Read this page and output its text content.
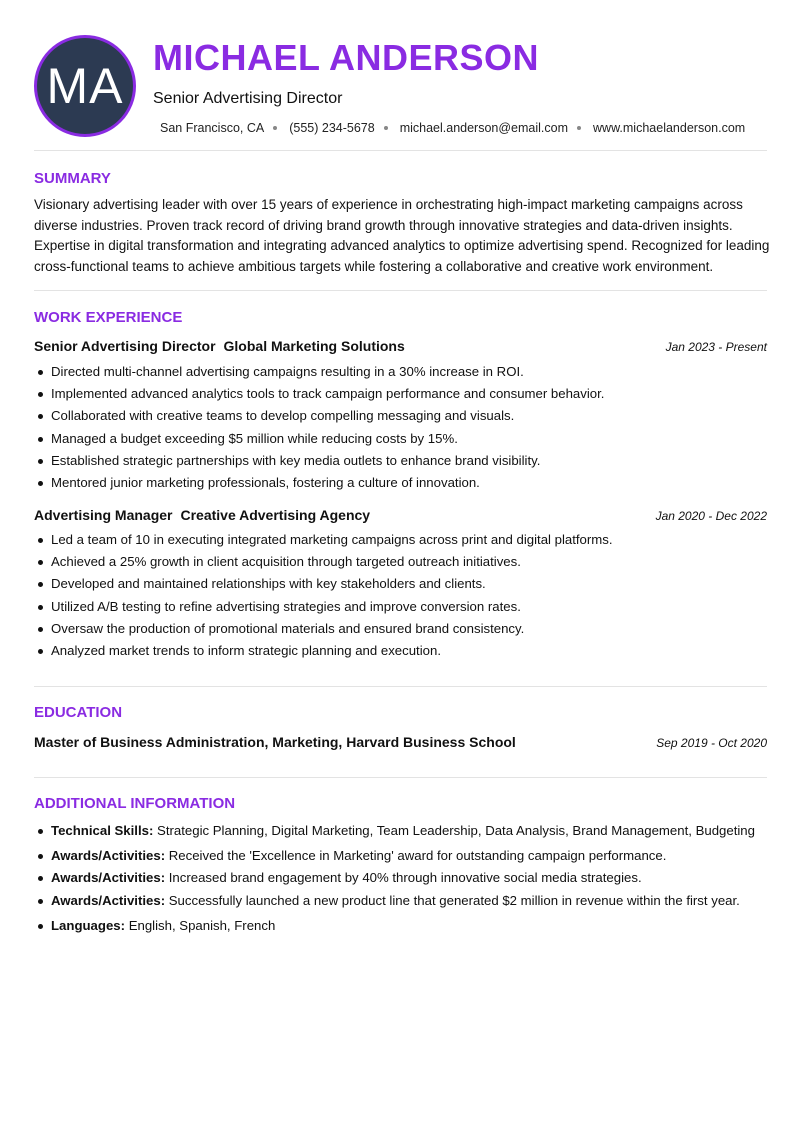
MA
MICHAEL ANDERSON
Senior Advertising Director
San Francisco, CA (555) 234-5678 michael.anderson@email.com www.michaelanderson.com
SUMMARY

Visionary advertising leader with over 15 years of experience in orchestrating high-impact marketing campaigns across diverse industries. Proven track record of driving brand growth through innovative strategies and data-driven insights. Expertise in digital transformation and integrating advanced analytics to optimize advertising spend. Recognized for leading cross-functional teams to achieve ambitious targets while fostering a collaborative and creative work environment.

WORK EXPERIENCE
Senior Advertising Director Global Marketing Solutions	Jan 2023 - Present
Directed multi-channel advertising campaigns resulting in a 30% increase in ROI.
Implemented advanced analytics tools to track campaign performance and consumer behavior.
Collaborated with creative teams to develop compelling messaging and visuals.
Managed a budget exceeding $5 million while reducing costs by 15%.
Established strategic partnerships with key media outlets to enhance brand visibility.
Mentored junior marketing professionals, fostering a culture of innovation.
Advertising Manager Creative Advertising Agency	Jan 2020 - Dec 2022
Led a team of 10 in executing integrated marketing campaigns across print and digital platforms.
Achieved a 25% growth in client acquisition through targeted outreach initiatives.
Developed and maintained relationships with key stakeholders and clients.
Utilized A/B testing to refine advertising strategies and improve conversion rates.
Oversaw the production of promotional materials and ensured brand consistency.
Analyzed market trends to inform strategic planning and execution.
EDUCATION
Master of Business Administration, Marketing, Harvard Business School	Sep 2019 - Oct 2020
ADDITIONAL INFORMATION
Technical Skills: Strategic Planning, Digital Marketing, Team Leadership, Data Analysis, Brand Management, Budgeting
Awards/Activities: Received the 'Excellence in Marketing' award for outstanding campaign performance.
Awards/Activities: Increased brand engagement by 40% through innovative social media strategies.
Awards/Activities: Successfully launched a new product line that generated $2 million in revenue within the first year.
Languages: English, Spanish, French
